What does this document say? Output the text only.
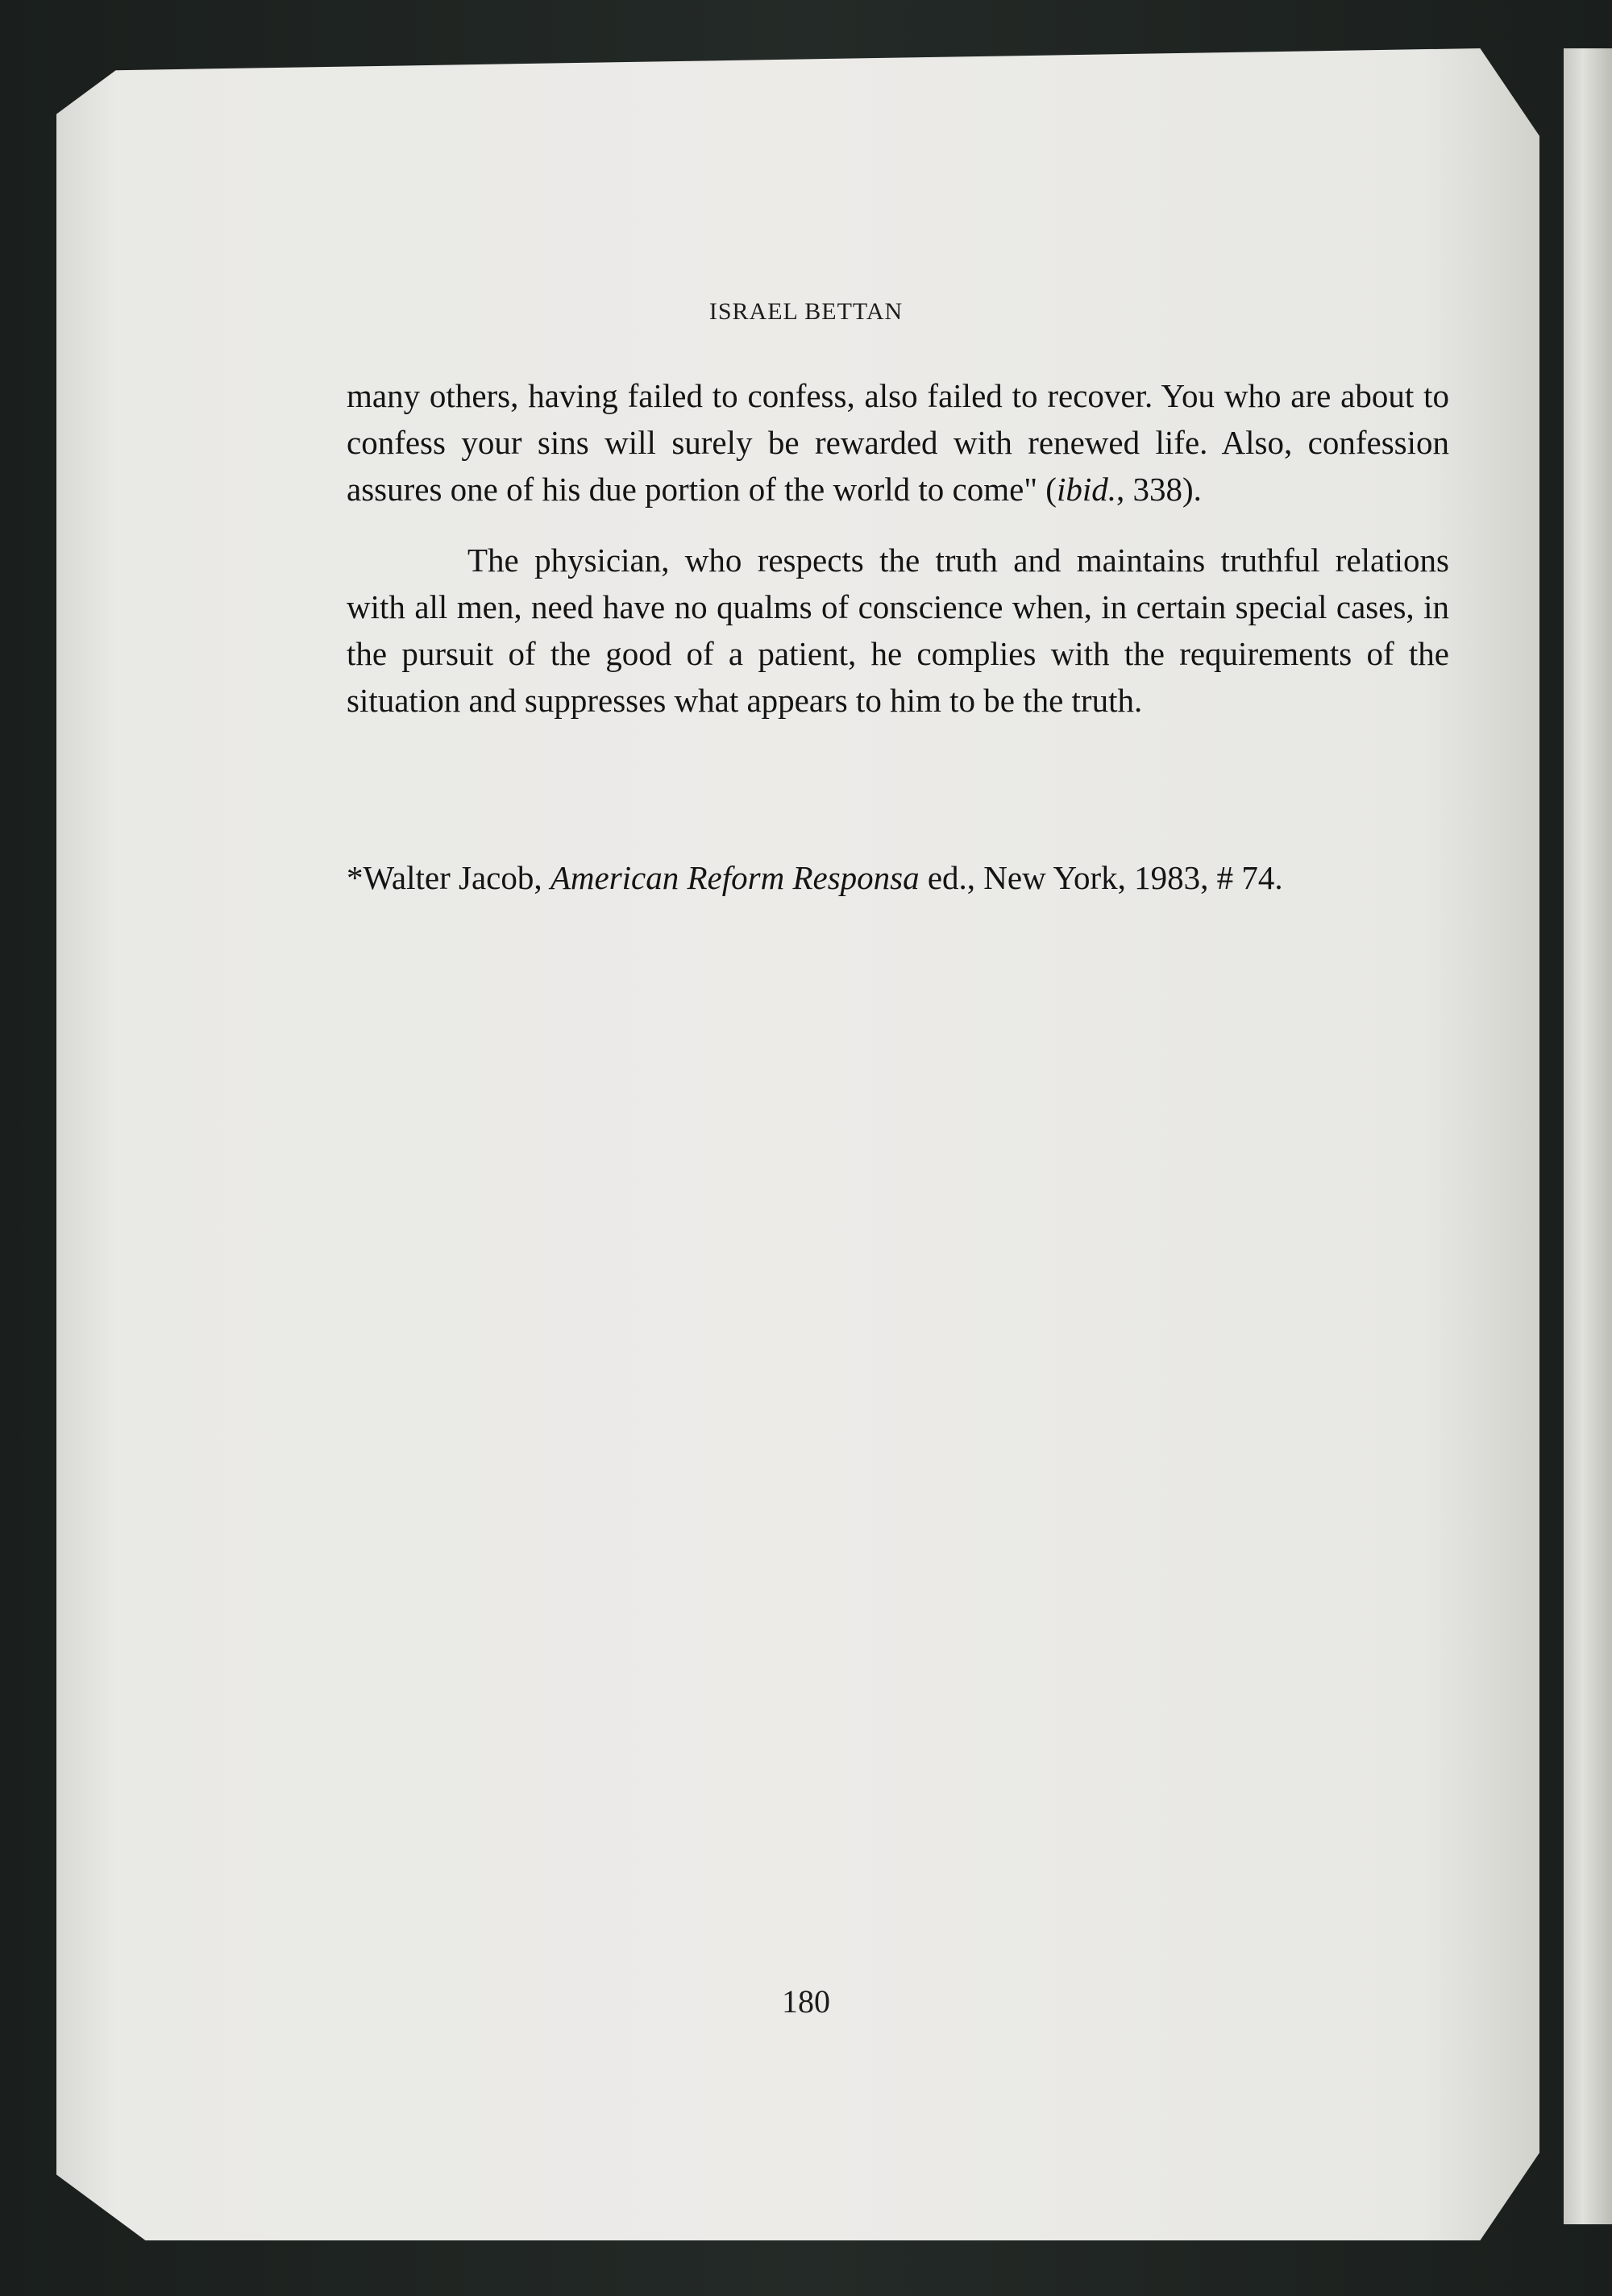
ISRAEL BETTAN

many others, having failed to confess, also failed to recover. You who are about to confess your sins will surely be rewarded with renewed life. Also, confession assures one of his due portion of the world to come" (ibid., 338).

The physician, who respects the truth and maintains truthful relations with all men, need have no qualms of conscience when, in certain special cases, in the pursuit of the good of a patient, he complies with the requirements of the situation and suppresses what appears to him to be the truth.

*Walter Jacob, American Reform Responsa ed., New York, 1983, # 74.
180
